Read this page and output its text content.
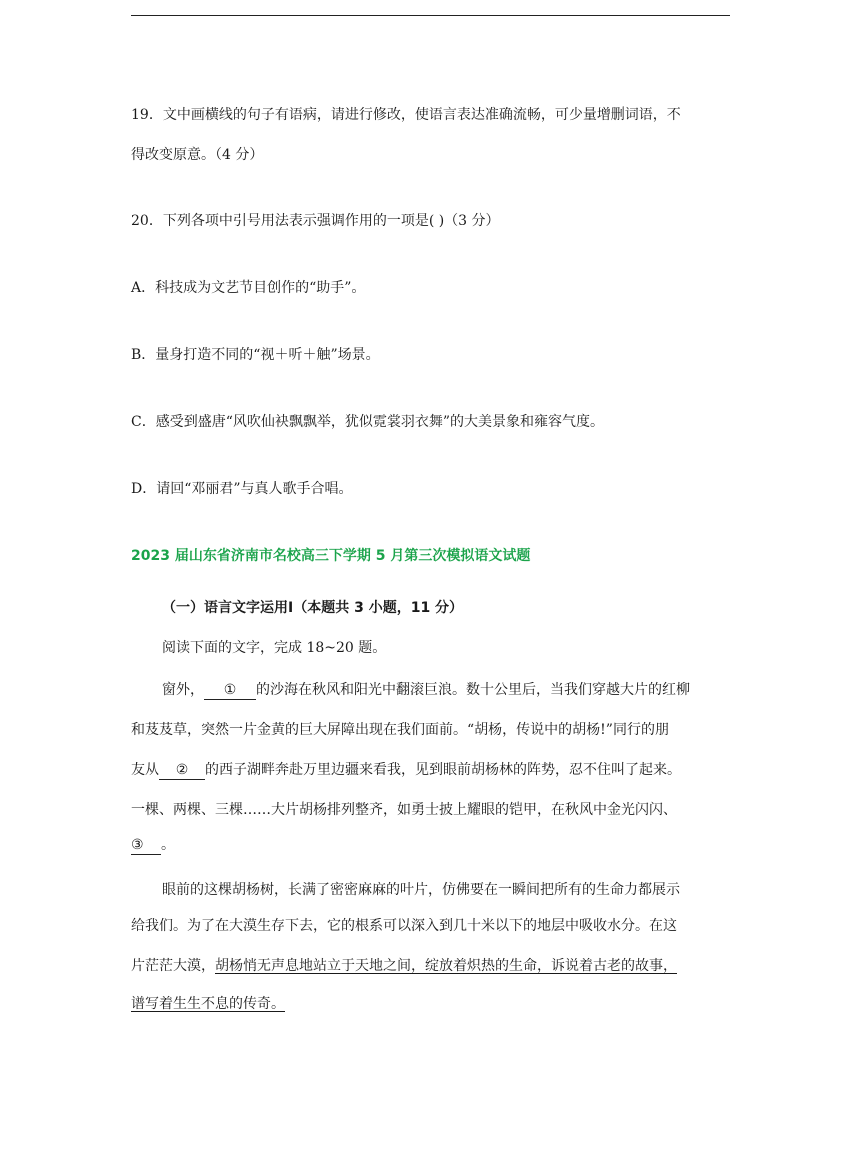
19．文中画横线的句子有语病，请进行修改，使语言表达准确流畅，可少量增删词语，不
得改变原意。（4 分）
20．下列各项中引号用法表示强调作用的一项是( )（3 分）
A．科技成为文艺节目创作的“助手”。
B．量身打造不同的“视＋听＋触”场景。
C．感受到盛唐“风吹仙袂飘飘举，犹似霓裳羽衣舞”的大美景象和雍容气度。
D．请回“邓丽君”与真人歌手合唱。
2023 届山东省济南市名校高三下学期 5 月第三次模拟语文试题
（一）语言文字运用Ⅰ（本题共 3 小题，11 分）
阅读下面的文字，完成 18~20 题。
窗外， ① 的沙海在秋风和阳光中翻滚巨浪。数十公里后，当我们穿越大片的红柳
和芨芨草，突然一片金黄的巨大屏障出现在我们面前。“胡杨，传说中的胡杨!”同行的朋
友从 ② 的西子湖畔奔赴万里边疆来看我，见到眼前胡杨林的阵势，忍不住叫了起来。
一棵、两棵、三棵……大片胡杨排列整齐，如勇士披上耀眼的铠甲，在秋风中金光闪闪、
③ 。
眼前的这棵胡杨树，长满了密密麻麻的叶片，仿佛要在一瞬间把所有的生命力都展示
给我们。为了在大漠生存下去，它的根系可以深入到几十米以下的地层中吸收水分。在这
片茫茫大漠，胡杨悄无声息地站立于天地之间，绽放着炽热的生命，诉说着古老的故事，
谱写着生生不息的传奇。
